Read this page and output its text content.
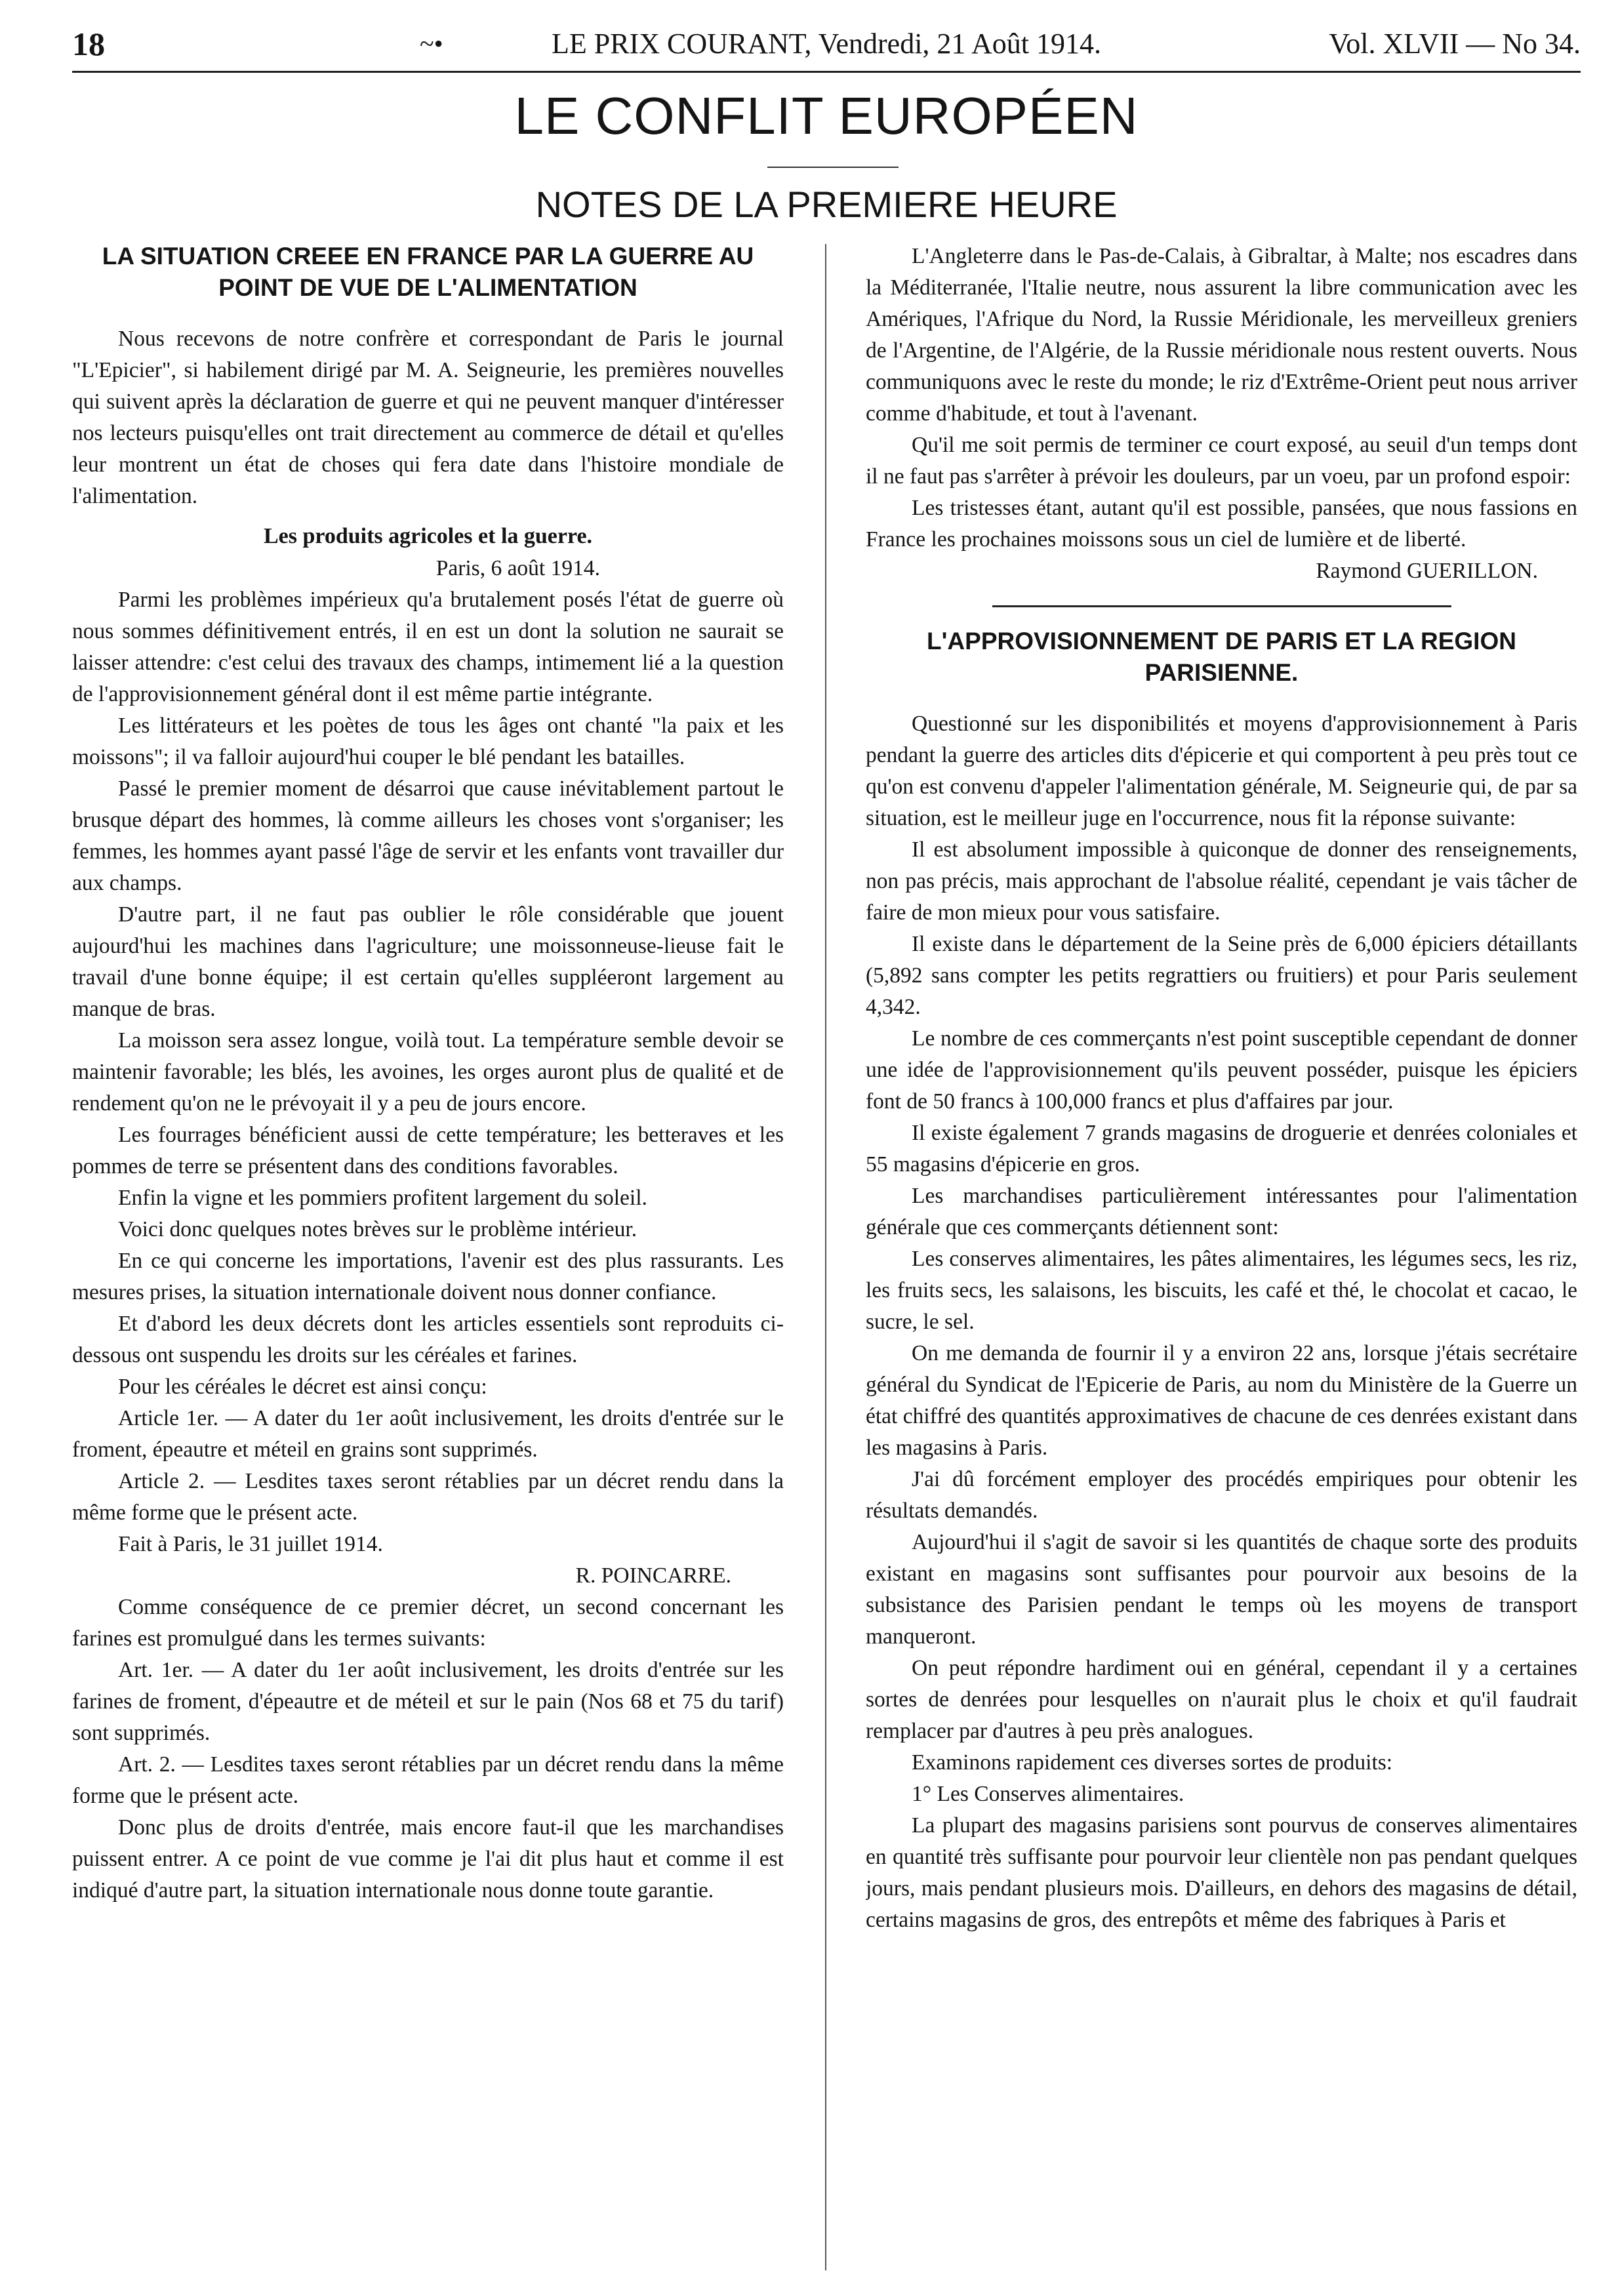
18	~•	LE PRIX COURANT, Vendredi, 21 Août 1914.	Vol. XLVII — No 34.
LE CONFLIT EUROPÉEN
NOTES DE LA PREMIERE HEURE
LA SITUATION CREEE EN FRANCE PAR LA GUERRE AU POINT DE VUE DE L'ALIMENTATION

Nous recevons de notre confrère et correspondant de Paris le journal "L'Epicier", si habilement dirigé par M. A. Seigneurie, les premières nouvelles qui suivent après la déclaration de guerre et qui ne peuvent manquer d'intéresser nos lecteurs puisqu'elles ont trait directement au commerce de détail et qu'elles leur montrent un état de choses qui fera date dans l'histoire mondiale de l'alimentation.

Les produits agricoles et la guerre.

Paris, 6 août 1914.

Parmi les problèmes impérieux qu'a brutalement posés l'état de guerre où nous sommes définitivement entrés, il en est un dont la solution ne saurait se laisser attendre: c'est celui des travaux des champs, intimement lié a la question de l'approvisionnement général dont il est même partie intégrante.

Les littérateurs et les poètes de tous les âges ont chanté "la paix et les moissons"; il va falloir aujourd'hui couper le blé pendant les batailles.

Passé le premier moment de désarroi que cause inévitablement partout le brusque départ des hommes, là comme ailleurs les choses vont s'organiser; les femmes, les hommes ayant passé l'âge de servir et les enfants vont travailler dur aux champs.

D'autre part, il ne faut pas oublier le rôle considérable que jouent aujourd'hui les machines dans l'agriculture; une moissonneuse-lieuse fait le travail d'une bonne équipe; il est certain qu'elles suppléeront largement au manque de bras.

La moisson sera assez longue, voilà tout. La température semble devoir se maintenir favorable; les blés, les avoines, les orges auront plus de qualité et de rendement qu'on ne le prévoyait il y a peu de jours encore.

Les fourrages bénéficient aussi de cette température; les betteraves et les pommes de terre se présentent dans des conditions favorables.

Enfin la vigne et les pommiers profitent largement du soleil.

Voici donc quelques notes brèves sur le problème intérieur.

En ce qui concerne les importations, l'avenir est des plus rassurants. Les mesures prises, la situation internationale doivent nous donner confiance.

Et d'abord les deux décrets dont les articles essentiels sont reproduits ci-dessous ont suspendu les droits sur les céréales et farines.

Pour les céréales le décret est ainsi conçu:

Article 1er. — A dater du 1er août inclusivement, les droits d'entrée sur le froment, épeautre et méteil en grains sont supprimés.

Article 2. — Lesdites taxes seront rétablies par un décret rendu dans la même forme que le présent acte.

Fait à Paris, le 31 juillet 1914.

R. POINCARRE.

Comme conséquence de ce premier décret, un second concernant les farines est promulgué dans les termes suivants:

Art. 1er. — A dater du 1er août inclusivement, les droits d'entrée sur les farines de froment, d'épeautre et de méteil et sur le pain (Nos 68 et 75 du tarif) sont supprimés.

Art. 2. — Lesdites taxes seront rétablies par un décret rendu dans la même forme que le présent acte.

Donc plus de droits d'entrée, mais encore faut-il que les marchandises puissent entrer. A ce point de vue comme je l'ai dit plus haut et comme il est indiqué d'autre part, la situation internationale nous donne toute garantie.

L'Angleterre dans le Pas-de-Calais, à Gibraltar, à Malte; nos escadres dans la Méditerranée, l'Italie neutre, nous assurent la libre communication avec les Amériques, l'Afrique du Nord, la Russie Méridionale, les merveilleux greniers de l'Argentine, de l'Algérie, de la Russie méridionale nous restent ouverts. Nous communiquons avec le reste du monde; le riz d'Extrême-Orient peut nous arriver comme d'habitude, et tout à l'avenant.

Qu'il me soit permis de terminer ce court exposé, au seuil d'un temps dont il ne faut pas s'arrêter à prévoir les douleurs, par un voeu, par un profond espoir:

Les tristesses étant, autant qu'il est possible, pansées, que nous fassions en France les prochaines moissons sous un ciel de lumière et de liberté.

Raymond GUERILLON.

L'APPROVISIONNEMENT DE PARIS ET LA REGION PARISIENNE.

Questionné sur les disponibilités et moyens d'approvisionnement à Paris pendant la guerre des articles dits d'épicerie et qui comportent à peu près tout ce qu'on est convenu d'appeler l'alimentation générale, M. Seigneurie qui, de par sa situation, est le meilleur juge en l'occurrence, nous fit la réponse suivante:

Il est absolument impossible à quiconque de donner des renseignements, non pas précis, mais approchant de l'absolue réalité, cependant je vais tâcher de faire de mon mieux pour vous satisfaire.

Il existe dans le département de la Seine près de 6,000 épiciers détaillants (5,892 sans compter les petits regrattiers ou fruitiers) et pour Paris seulement 4,342.

Le nombre de ces commerçants n'est point susceptible cependant de donner une idée de l'approvisionnement qu'ils peuvent posséder, puisque les épiciers font de 50 francs à 100,000 francs et plus d'affaires par jour.

Il existe également 7 grands magasins de droguerie et denrées coloniales et 55 magasins d'épicerie en gros.

Les marchandises particulièrement intéressantes pour l'alimentation générale que ces commerçants détiennent sont:

Les conserves alimentaires, les pâtes alimentaires, les légumes secs, les riz, les fruits secs, les salaisons, les biscuits, les café et thé, le chocolat et cacao, le sucre, le sel.

On me demanda de fournir il y a environ 22 ans, lorsque j'étais secrétaire général du Syndicat de l'Epicerie de Paris, au nom du Ministère de la Guerre un état chiffré des quantités approximatives de chacune de ces denrées existant dans les magasins à Paris.

J'ai dû forcément employer des procédés empiriques pour obtenir les résultats demandés.

Aujourd'hui il s'agit de savoir si les quantités de chaque sorte des produits existant en magasins sont suffisantes pour pourvoir aux besoins de la subsistance des Parisien pendant le temps où les moyens de transport manqueront.

On peut répondre hardiment oui en général, cependant il y a certaines sortes de denrées pour lesquelles on n'aurait plus le choix et qu'il faudrait remplacer par d'autres à peu près analogues.

Examinons rapidement ces diverses sortes de produits:

1° Les Conserves alimentaires.

La plupart des magasins parisiens sont pourvus de conserves alimentaires en quantité très suffisante pour pourvoir leur clientèle non pas pendant quelques jours, mais pendant plusieurs mois. D'ailleurs, en dehors des magasins de détail, certains magasins de gros, des entrepôts et même des fabriques à Paris et
